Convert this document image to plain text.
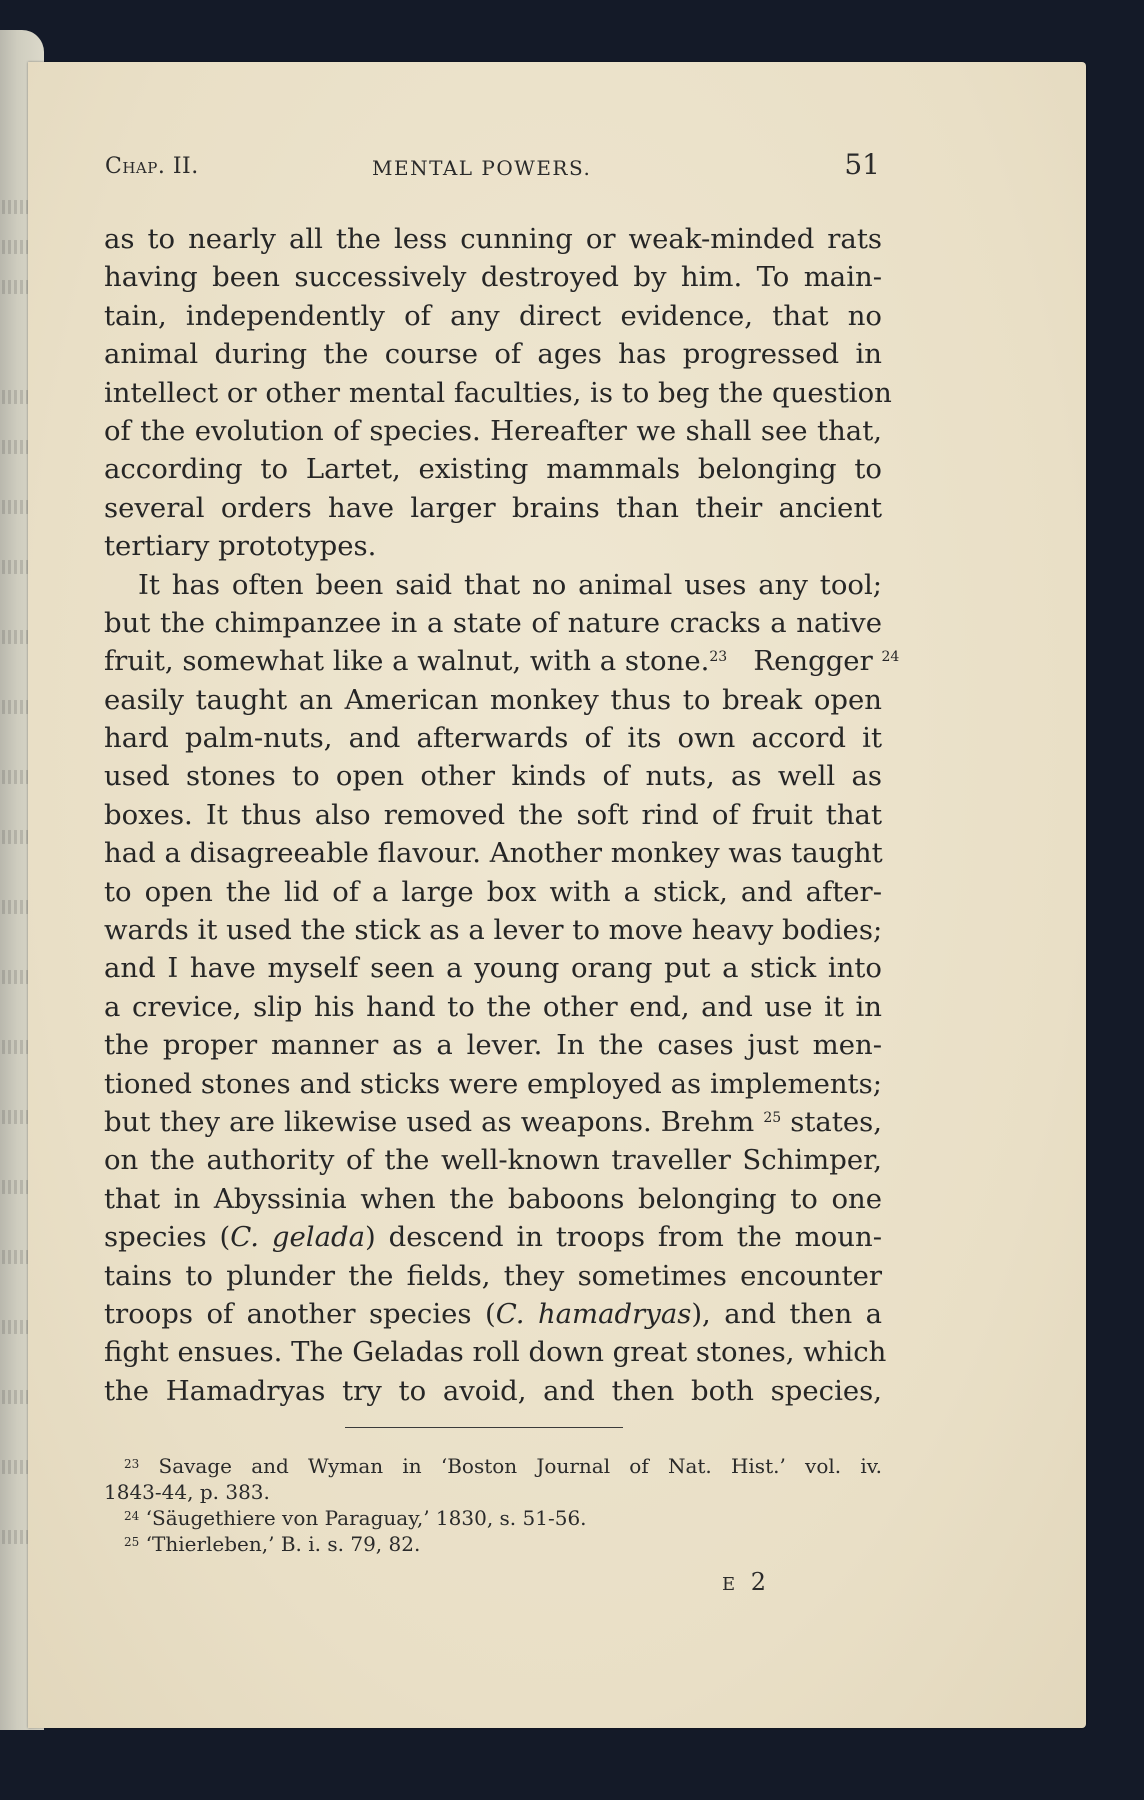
Chap. II.	MENTAL POWERS.	51
as to nearly all the less cunning or weak-minded rats
having been successively destroyed by him. To main-
tain, independently of any direct evidence, that no
animal during the course of ages has progressed in
intellect or other mental faculties, is to beg the question
of the evolution of species. Hereafter we shall see that,
according to Lartet, existing mammals belonging to
several orders have larger brains than their ancient
tertiary prototypes.
It has often been said that no animal uses any tool;
but the chimpanzee in a state of nature cracks a native
fruit, somewhat like a walnut, with a stone.$^{23}$ Rengger $^{24}$
easily taught an American monkey thus to break open
hard palm-nuts, and afterwards of its own accord it
used stones to open other kinds of nuts, as well as
boxes. It thus also removed the soft rind of fruit that
had a disagreeable flavour. Another monkey was taught
to open the lid of a large box with a stick, and after-
wards it used the stick as a lever to move heavy bodies;
and I have myself seen a young orang put a stick into
a crevice, slip his hand to the other end, and use it in
the proper manner as a lever. In the cases just men-
tioned stones and sticks were employed as implements;
but they are likewise used as weapons. Brehm $^{25}$ states,
on the authority of the well-known traveller Schimper,
that in Abyssinia when the baboons belonging to one
species (C. gelada) descend in troops from the moun-
tains to plunder the fields, they sometimes encounter
troops of another species (C. hamadryas), and then a
fight ensues. The Geladas roll down great stones, which
the Hamadryas try to avoid, and then both species,
$^{23}$ Savage and Wyman in ‘Boston Journal of Nat. Hist.’ vol. iv.
1843-44, p. 383.
$^{24}$ ‘Säugethiere von Paraguay,’ 1830, s. 51-56.
$^{25}$ ‘Thierleben,’ B. i. s. 79, 82.
E 2
